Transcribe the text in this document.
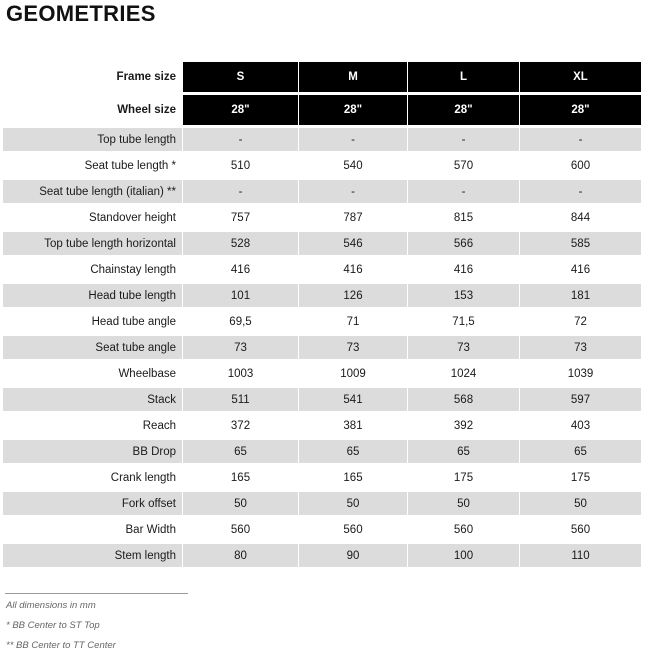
GEOMETRIES
Frame size	S	M	L	XL
Wheel size	28"	28"	28"	28"
Top tube length	-	-	-	-
Seat tube length *	510	540	570	600
Seat tube length (italian) **	-	-	-	-
Standover height	757	787	815	844
Top tube length horizontal	528	546	566	585
Chainstay length	416	416	416	416
Head tube length	101	126	153	181
Head tube angle	69,5	71	71,5	72
Seat tube angle	73	73	73	73
Wheelbase	1003	1009	1024	1039
Stack	511	541	568	597
Reach	372	381	392	403
BB Drop	65	65	65	65
Crank length	165	165	175	175
Fork offset	50	50	50	50
Bar Width	560	560	560	560
Stem length	80	90	100	110
All dimensions in mm
* BB Center to ST Top
** BB Center to TT Center
